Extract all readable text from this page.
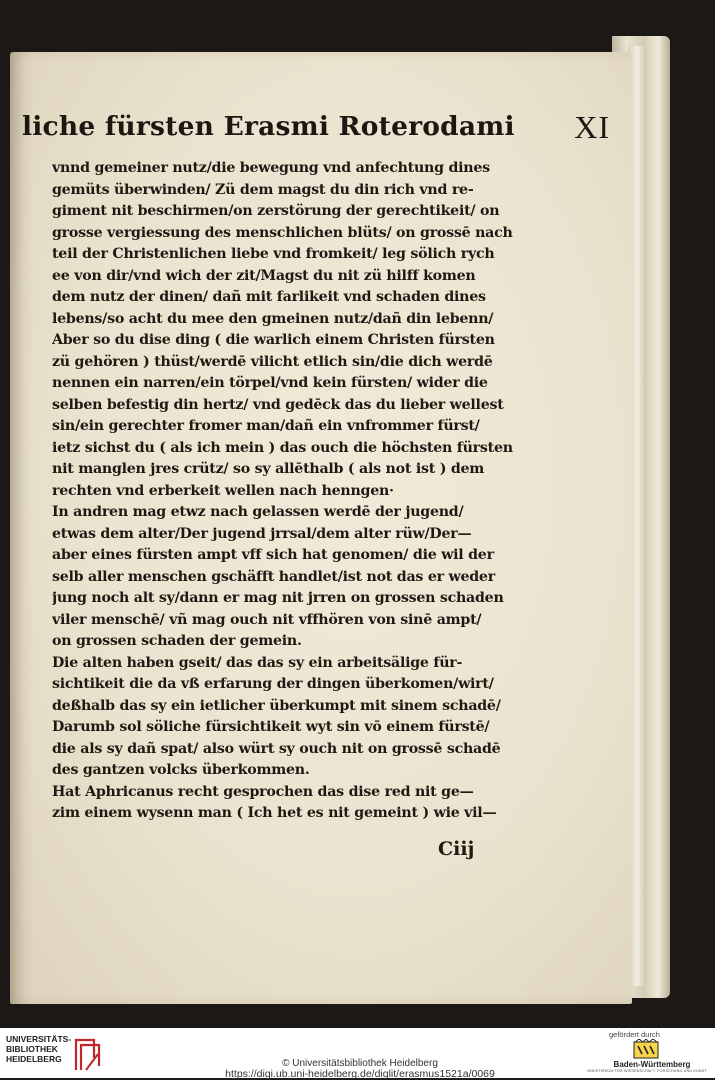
liche fürsten Erasmi Roterodami XI
vnnd gemeiner nutz/die bewegung vnd anfechtung dines
gemüts überwinden/ Zü dem magst du din rich vnd re-
giment nit beschirmen/on zerstörung der gerechtikeit/ on
grosse vergiessung des menschlichen blüts/ on grossē nach
teil der Christenlichen liebe vnd fromkeit/ leg sölich rych
ee von dir/vnd wich der zit/Magst du nit zü hilff komen
dem nutz der dinen/ dañ mit farlikeit vnd schaden dines
lebens/so acht du mee den gmeinen nutz/dañ din lebenn/
Aber so du dise ding ( die warlich einem Christen fürsten
zü gehören ) thüst/werdē vilicht etlich sin/die dich werdē
nennen ein narren/ein törpel/vnd kein fürsten/ wider die
selben befestig din hertz/ vnd gedēck das du lieber wellest
sin/ein gerechter fromer man/dañ ein vnfrommer fürst/
ietz sichst du ( als ich mein ) das ouch die höchsten fürsten
nit manglen jres crütz/ so sy allēthalb ( als not ist ) dem
rechten vnd erberkeit wellen nach henngen·
In andren mag etwz nach gelassen werdē der jugend/
etwas dem alter/Der jugend jrrsal/dem alter rüw/Der—
aber eines fürsten ampt vff sich hat genomen/ die wil der
selb aller menschen gschäfft handlet/ist not das er weder
jung noch alt sy/dann er mag nit jrren on grossen schaden
viler menschē/ vñ mag ouch nit vffhören von sinē ampt/
on grossen schaden der gemein.
Die alten haben gseit/ das das sy ein arbeitsälige für-
sichtikeit die da vß erfarung der dingen überkomen/wirt/
deßhalb das sy ein ietlicher überkumpt mit sinem schadē/
Darumb sol söliche fürsichtikeit wyt sin vō einem fürstē/
die als sy dañ spat/ also würt sy ouch nit on grossē schadē
des gantzen volcks überkommen.
Hat Aphricanus recht gesprochen das dise red nit ge—
zim einem wysenn man ( Ich het es nit gemeint ) wie vil—
Ciij
UNIVERSITÄTS-
BIBLIOTHEK
HEIDELBERG	© Universitätsbibliothek Heidelberg
https://digi.ub.uni-heidelberg.de/diglit/erasmus1521a/0069
gefördert durch
Baden-Württemberg
MINISTERIUM FÜR WISSENSCHAFT, FORSCHUNG UND KUNST
